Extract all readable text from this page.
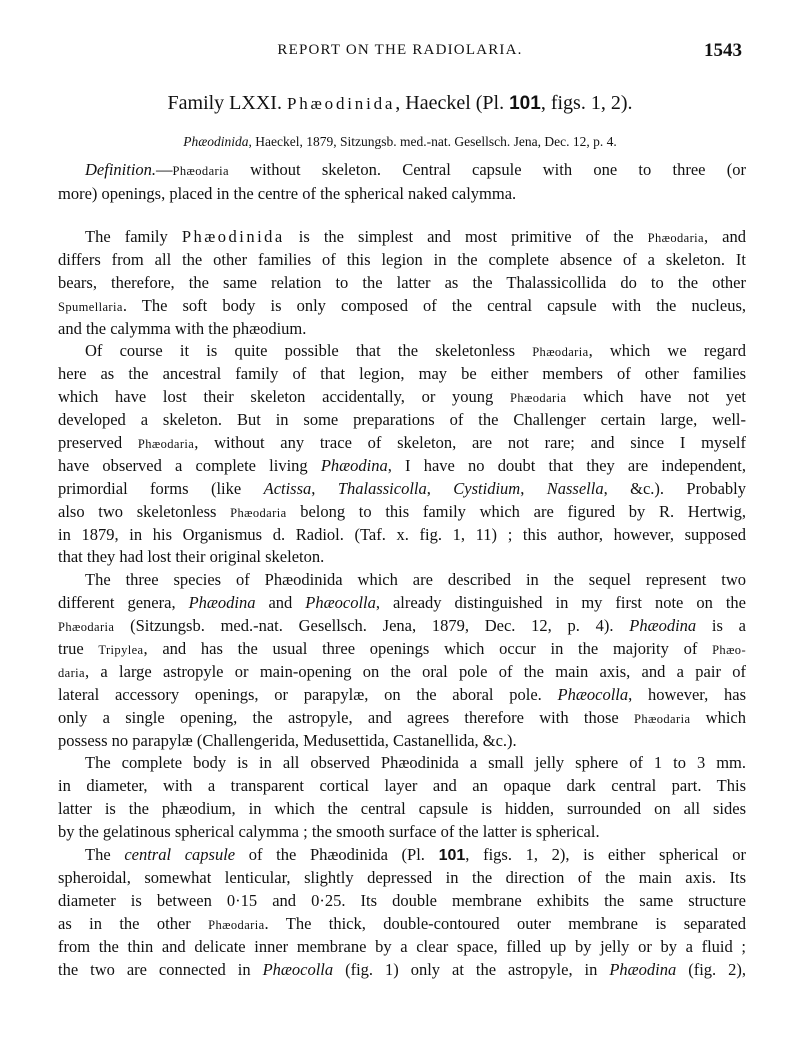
REPORT ON THE RADIOLARIA.	1543
Family LXXI. Phæodinida, Haeckel (Pl. 101, figs. 1, 2).
Phæodinida, Haeckel, 1879, Sitzungsb. med.-nat. Gesellsch. Jena, Dec. 12, p. 4.
Definition.—Phæodaria without skeleton. Central capsule with one to three (or
more) openings, placed in the centre of the spherical naked calymma.
The family Phæodinida is the simplest and most primitive of the Phæodaria, and
differs from all the other families of this legion in the complete absence of a skeleton. It
bears, therefore, the same relation to the latter as the Thalassicollida do to the other
Spumellaria. The soft body is only composed of the central capsule with the nucleus,
and the calymma with the phæodium.
Of course it is quite possible that the skeletonless Phæodaria, which we regard
here as the ancestral family of that legion, may be either members of other families
which have lost their skeleton accidentally, or young Phæodaria which have not yet
developed a skeleton. But in some preparations of the Challenger certain large, well-
preserved Phæodaria, without any trace of skeleton, are not rare; and since I myself
have observed a complete living Phæodina, I have no doubt that they are independent,
primordial forms (like Actissa, Thalassicolla, Cystidium, Nassella, &c.). Probably
also two skeletonless Phæodaria belong to this family which are figured by R. Hertwig,
in 1879, in his Organismus d. Radiol. (Taf. x. fig. 1, 11) ; this author, however, supposed
that they had lost their original skeleton.
The three species of Phæodinida which are described in the sequel represent two
different genera, Phæodina and Phæocolla, already distinguished in my first note on the
Phæodaria (Sitzungsb. med.-nat. Gesellsch. Jena, 1879, Dec. 12, p. 4). Phæodina is a
true Tripylea, and has the usual three openings which occur in the majority of Phæo-
daria, a large astropyle or main-opening on the oral pole of the main axis, and a pair of
lateral accessory openings, or parapylæ, on the aboral pole. Phæocolla, however, has
only a single opening, the astropyle, and agrees therefore with those Phæodaria which
possess no parapylæ (Challengerida, Medusettida, Castanellida, &c.).
The complete body is in all observed Phæodinida a small jelly sphere of 1 to 3 mm.
in diameter, with a transparent cortical layer and an opaque dark central part. This
latter is the phæodium, in which the central capsule is hidden, surrounded on all sides
by the gelatinous spherical calymma ; the smooth surface of the latter is spherical.
The central capsule of the Phæodinida (Pl. 101, figs. 1, 2), is either spherical or
spheroidal, somewhat lenticular, slightly depressed in the direction of the main axis. Its
diameter is between 0·15 and 0·25. Its double membrane exhibits the same structure
as in the other Phæodaria. The thick, double-contoured outer membrane is separated
from the thin and delicate inner membrane by a clear space, filled up by jelly or by a fluid ;
the two are connected in Phæocolla (fig. 1) only at the astropyle, in Phæodina (fig. 2),
